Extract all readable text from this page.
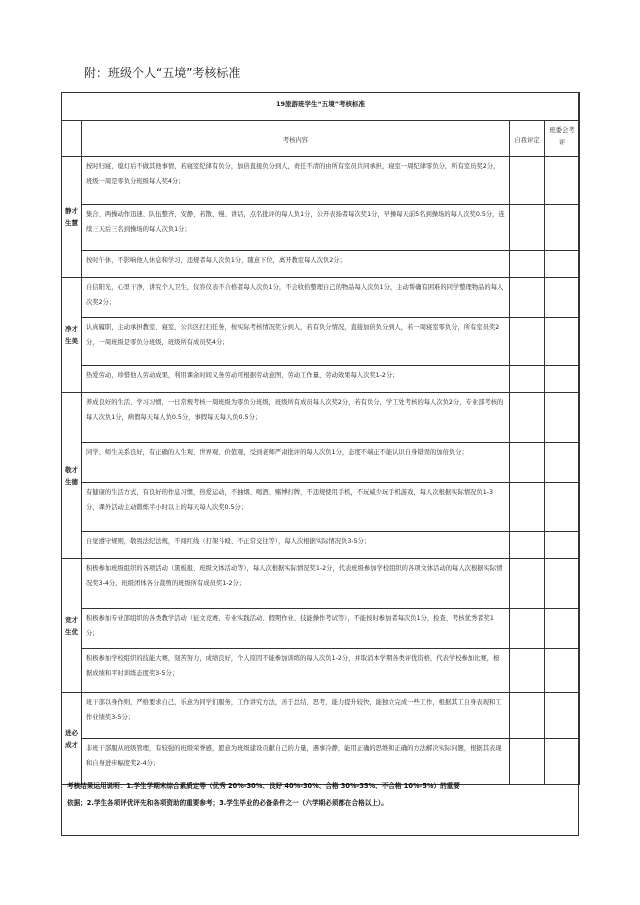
附：班级个人“五境”考核标准
19旅游班学生“五境”考核标准			
	考核内容	自我评定	班委会考评
静才生慧	按时归寝，熄灯后不做其他事情，若寝室纪律有负分，加倍直接负分到人，责任不清的由所有室员共同承担，寝室一周纪律零负分，所有室员奖2分，班级一周是零负分班级每人奖4分；		
	集合、两操动作迅速、队伍整齐、安静、若散、慢、讲话，点名批评的每人负1分，公开表扬者每次奖1分，早操每天前5名到操场的每人次奖0.5分，连续三天后三名到操场的每人次负1分；		
	按时午休，不影响他人休息和学习，违规者每人次负1分，随意下位，离开教室每人次负2分；		
净才生美	自信阳光，心里干净，讲究个人卫生，仪容仪表不合格者每人次负1分，不会收拾整理自己的物品每人次负1分，主动帮确有困难的同学整理物品的每人次奖2分；		
	认真履职，主动承担教室、寝室、公共区打扫任务，按实际考核情况奖分到人，若有负分情况，直接加倍负分到人，若一周寝室零负分，所有室员奖2分，一周班级是零负分班级，班级所有成员奖4分；		
	热爱劳动，珍惜他人劳动成果，利用课余时间义务劳动可根据劳动意图、劳动工作量、劳动效果每人次奖1-2分；		
敬才生德	养成良好的生活、学习习惯，一日常规考核一周班级为零负分班级，班级所有成员每人次奖2分，若有负分，学工处考核的每人次负2分，专业部考核的每人次负1分，病假每天每人负0.5分，事假每天每人负0.5分；		
	同学、师生关系良好，有正确的人生观、世界观、价值观，受到老师严肃批评的每人次负1分，态度不端正不能认识自身错误的加倍负分；		
	有健康的生活方式，有良好的作息习惯，热爱运动，不抽烟、喝酒、赌博打牌，不违规使用手机，不玩威少玩手机游戏，每人次根据实际情况负1-3分，课外活动主动锻炼半小时以上的每天每人次奖0.5分；		
	自觉遵守规则，敬畏法纪法规，不闯红线（打架斗殴、不正常交往等），每人次根据实际情况负3-5分；		
竞才生优	积极参加班级组织的各项活动（黑板报、班级文体活动等），每人次根据实际情况奖1-2分，代表班级参加学校组织的各项文体活动的每人次根据实际情况奖3-4分，班级团体各分裁剪的班级所有成员奖1-2分；		
	积极参加专业部组织的各类教学活动（征文竞赛、专业实践活动、假期作业、技能操作考试等），不能按时参加者每次负1分，检查、考核优秀者奖1分；		
	积极参加学校组织的技能大赛，刻苦努力，成绩良好，个人原因不能参加训练的每人次负1-2分，并取消本学期各类评优资格，代表学校参加比赛，根据成绩和平时训练态度奖3-5分；		
进必成才	班干部以身作则，严格要求自己，乐意为同学们服务，工作讲究方法，善于总结、思考，能力提升较快，能独立完成一些工作，根据其工自身表现和工作业绩奖3-5分；		
	非班干部服从班级管理，有较强的班级荣誉感，愿意为班级建设贡献自己的力量，遇事冷静，能用正确的思维和正确的方法解决实际问题，根据其表现和自身进步幅度奖2-4分；		
考核结果运用说明：1.学生学期末综合素质定等（优秀 20%-30%、良好 40%-30%、合格 30%-35%、不合格 10%-5%）的重要
依据；2.学生各项评优评先和各项资助的重要参考；3.学生毕业的必备条件之一（六学期必须都在合格以上）。
